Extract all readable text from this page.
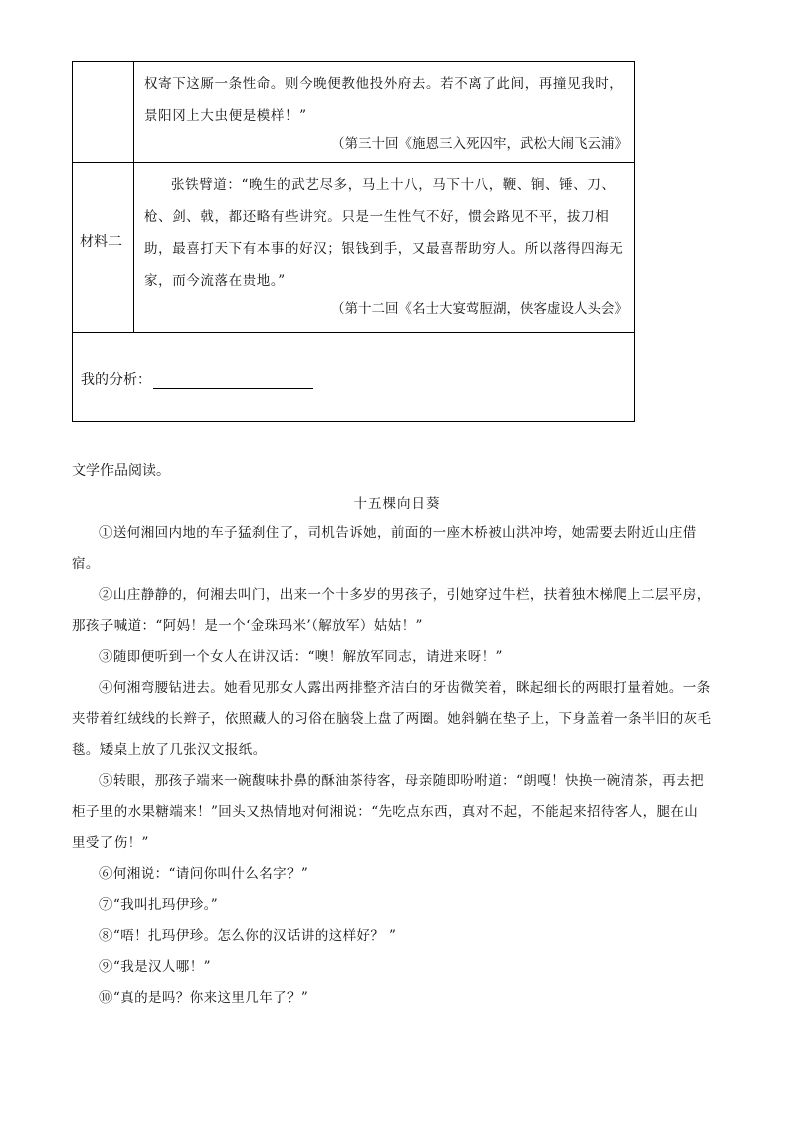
权寄下这厮一条性命。则今晚便教他投外府去。若不离了此间，再撞见我时，
景阳冈上大虫便是模样！”
（第三十回《施恩三入死囚牢，武松大闹飞云浦》
材料二
张铁臂道：“晚生的武艺尽多，马上十八，马下十八，鞭、锏、锤、刀、
枪、剑、戟，都还略有些讲究。只是一生性气不好，惯会路见不平，拔刀相
助，最喜打天下有本事的好汉；银钱到手，又最喜帮助穷人。所以落得四海无
家，而今流落在贵地。”
（第十二回《名士大宴莺脰湖，侠客虚设人头会》
我的分析：
文学作品阅读。
十五棵向日葵
①送何湘回内地的车子猛刹住了，司机告诉她，前面的一座木桥被山洪冲垮，她需要去附近山庄借
宿。
②山庄静静的，何湘去叫门，出来一个十多岁的男孩子，引她穿过牛栏，扶着独木梯爬上二层平房，
那孩子喊道：“阿妈！是一个‘金珠玛米’（解放军）姑姑！”
③随即便听到一个女人在讲汉话：“噢！解放军同志，请进来呀！”
④何湘弯腰钻进去。她看见那女人露出两排整齐洁白的牙齿微笑着，眯起细长的两眼打量着她。一条
夹带着红绒线的长辫子，依照藏人的习俗在脑袋上盘了两圈。她斜躺在垫子上，下身盖着一条半旧的灰毛
毯。矮桌上放了几张汉文报纸。
⑤转眼，那孩子端来一碗馥味扑鼻的酥油茶待客，母亲随即吩咐道：“朗嘎！快换一碗清茶，再去把
柜子里的水果糖端来！”回头又热情地对何湘说：“先吃点东西，真对不起，不能起来招待客人，腿在山
里受了伤！”
⑥何湘说：“请问你叫什么名字？”
⑦“我叫扎玛伊珍。”
⑧“唔！扎玛伊珍。怎么你的汉话讲的这样好？ ”
⑨“我是汉人哪！”
⑩“真的是吗？你来这里几年了？”
